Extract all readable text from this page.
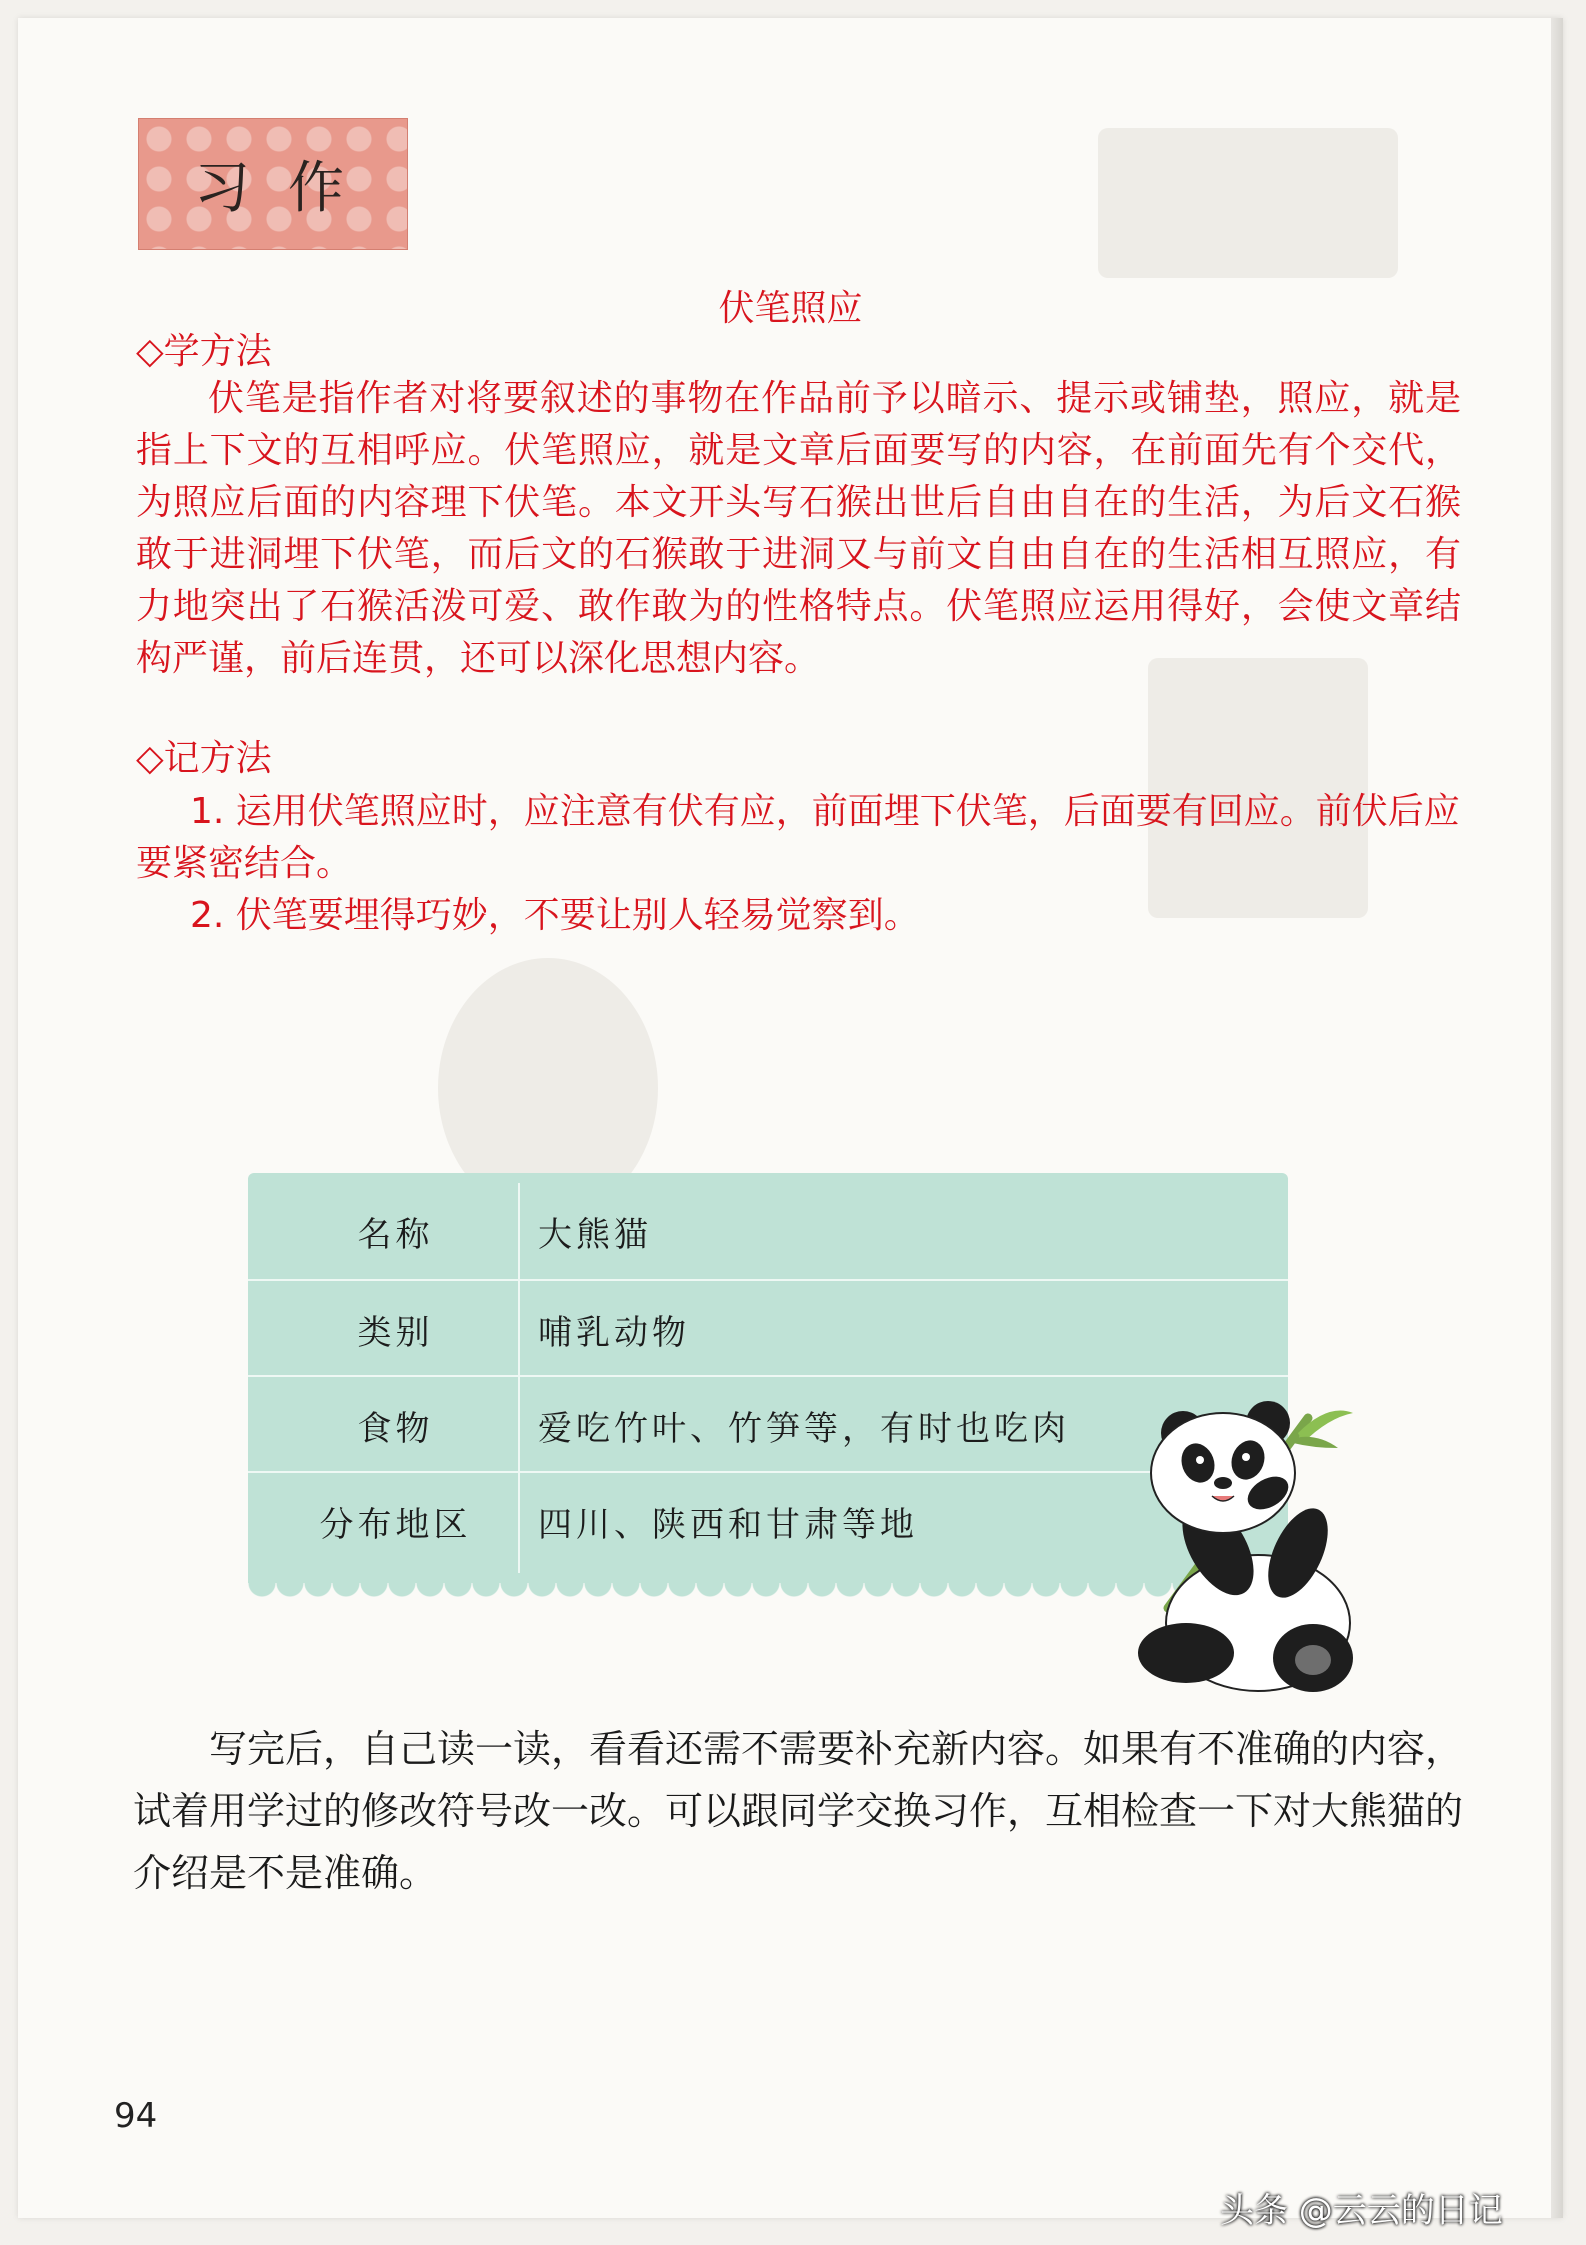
习作
伏笔照应
◇学方法

伏笔是指作者对将要叙述的事物在作品前予以暗示、提示或铺垫，照应，就是指上下文的互相呼应。伏笔照应，就是文章后面要写的内容，在前面先有个交代，为照应后面的内容理下伏笔。本文开头写石猴出世后自由自在的生活，为后文石猴敢于进洞埋下伏笔，而后文的石猴敢于进洞又与前文自由自在的生活相互照应，有力地突出了石猴活泼可爱、敢作敢为的性格特点。伏笔照应运用得好，会使文章结构严谨，前后连贯，还可以深化思想内容。

◇记方法

1. 运用伏笔照应时，应注意有伏有应，前面埋下伏笔，后面要有回应。前伏后应要紧密结合。

2. 伏笔要埋得巧妙，不要让别人轻易觉察到。

名称	大熊猫
类别	哺乳动物
食物	爱吃竹叶、竹笋等，有时也吃肉
分布地区	四川、陕西和甘肃等地

写完后，自己读一读，看看还需不需要补充新内容。如果有不准确的内容，试着用学过的修改符号改一改。可以跟同学交换习作，互相检查一下对大熊猫的介绍是不是准确。

94
头条 @云云的日记
